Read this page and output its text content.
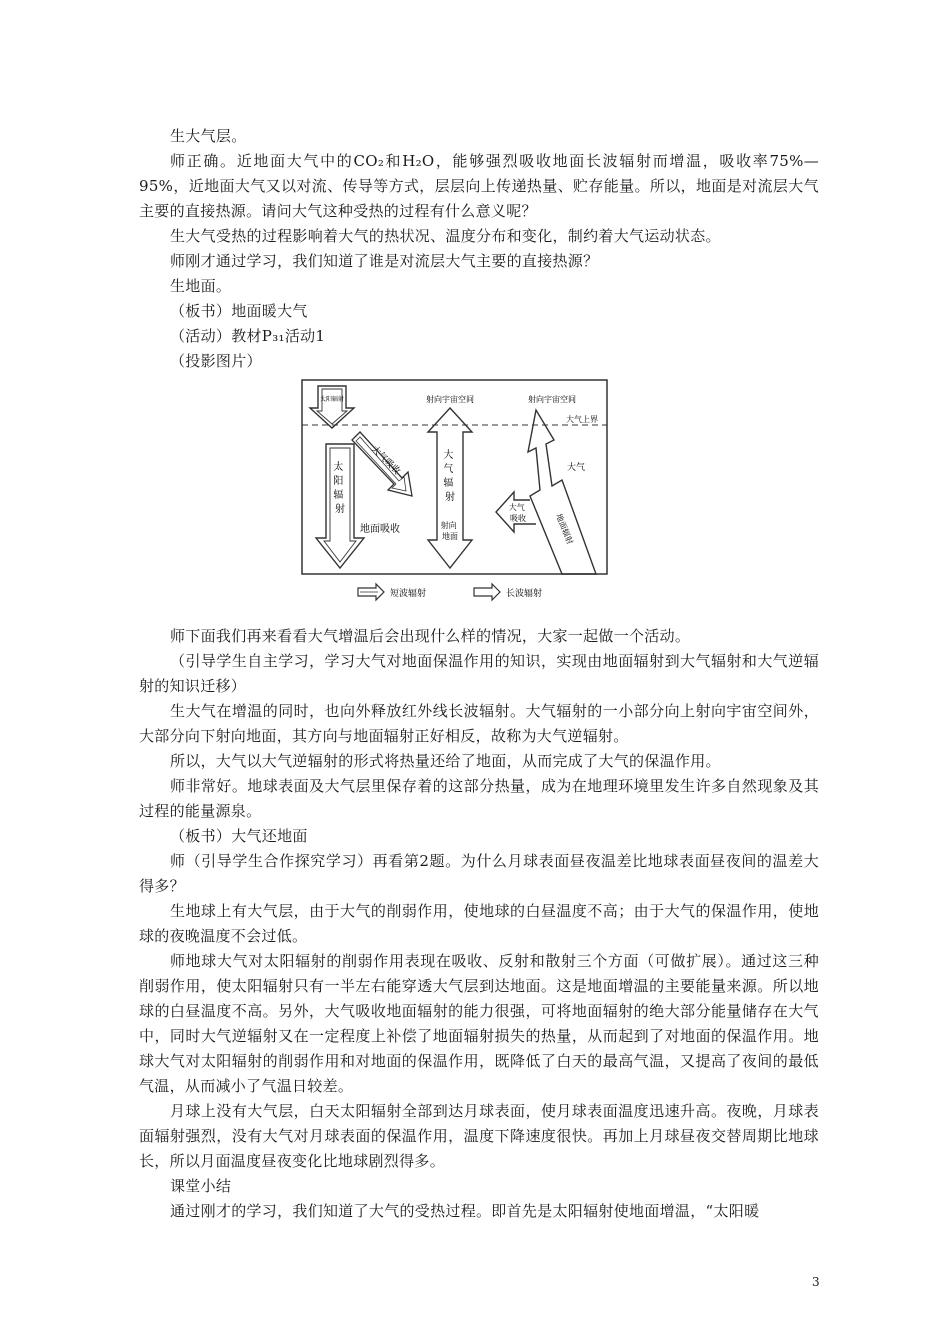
生大气层。

师正确。近地面大气中的CO₂和H₂O，能够强烈吸收地面长波辐射而增温，吸收率75%—95%，近地面大气又以对流、传导等方式，层层向上传递热量、贮存能量。所以，地面是对流层大气主要的直接热源。请问大气这种受热的过程有什么意义呢？

生大气受热的过程影响着大气的热状况、温度分布和变化，制约着大气运动状态。

师刚才通过学习，我们知道了谁是对流层大气主要的直接热源？

生地面。

（板书）地面暖大气

（活动）教材P₃₁活动1

（投影图片）

太阳辐射
太 阳 辐 射
大气吸收
地面吸收
射向宇宙空间
大 气 辐 射
射向 地面
射向宇宙空间
大气上界
大气
大气 吸收	地面辐射
短波辐射	长波辐射

师下面我们再来看看大气增温后会出现什么样的情况，大家一起做一个活动。

（引导学生自主学习，学习大气对地面保温作用的知识，实现由地面辐射到大气辐射和大气逆辐射的知识迁移）

生大气在增温的同时，也向外释放红外线长波辐射。大气辐射的一小部分向上射向宇宙空间外，大部分向下射向地面，其方向与地面辐射正好相反，故称为大气逆辐射。

所以，大气以大气逆辐射的形式将热量还给了地面，从而完成了大气的保温作用。

师非常好。地球表面及大气层里保存着的这部分热量，成为在地理环境里发生许多自然现象及其过程的能量源泉。

（板书）大气还地面

师（引导学生合作探究学习）再看第2题。为什么月球表面昼夜温差比地球表面昼夜间的温差大得多？

生地球上有大气层，由于大气的削弱作用，使地球的白昼温度不高；由于大气的保温作用，使地球的夜晚温度不会过低。

师地球大气对太阳辐射的削弱作用表现在吸收、反射和散射三个方面（可做扩展）。通过这三种削弱作用，使太阳辐射只有一半左右能穿透大气层到达地面。这是地面增温的主要能量来源。所以地球的白昼温度不高。另外，大气吸收地面辐射的能力很强，可将地面辐射的绝大部分能量储存在大气中，同时大气逆辐射又在一定程度上补偿了地面辐射损失的热量，从而起到了对地面的保温作用。地球大气对太阳辐射的削弱作用和对地面的保温作用，既降低了白天的最高气温，又提高了夜间的最低气温，从而减小了气温日较差。

月球上没有大气层，白天太阳辐射全部到达月球表面，使月球表面温度迅速升高。夜晚，月球表面辐射强烈，没有大气对月球表面的保温作用，温度下降速度很快。再加上月球昼夜交替周期比地球长，所以月面温度昼夜变化比地球剧烈得多。

课堂小结

通过刚才的学习，我们知道了大气的受热过程。即首先是太阳辐射使地面增温，“太阳暖

3
